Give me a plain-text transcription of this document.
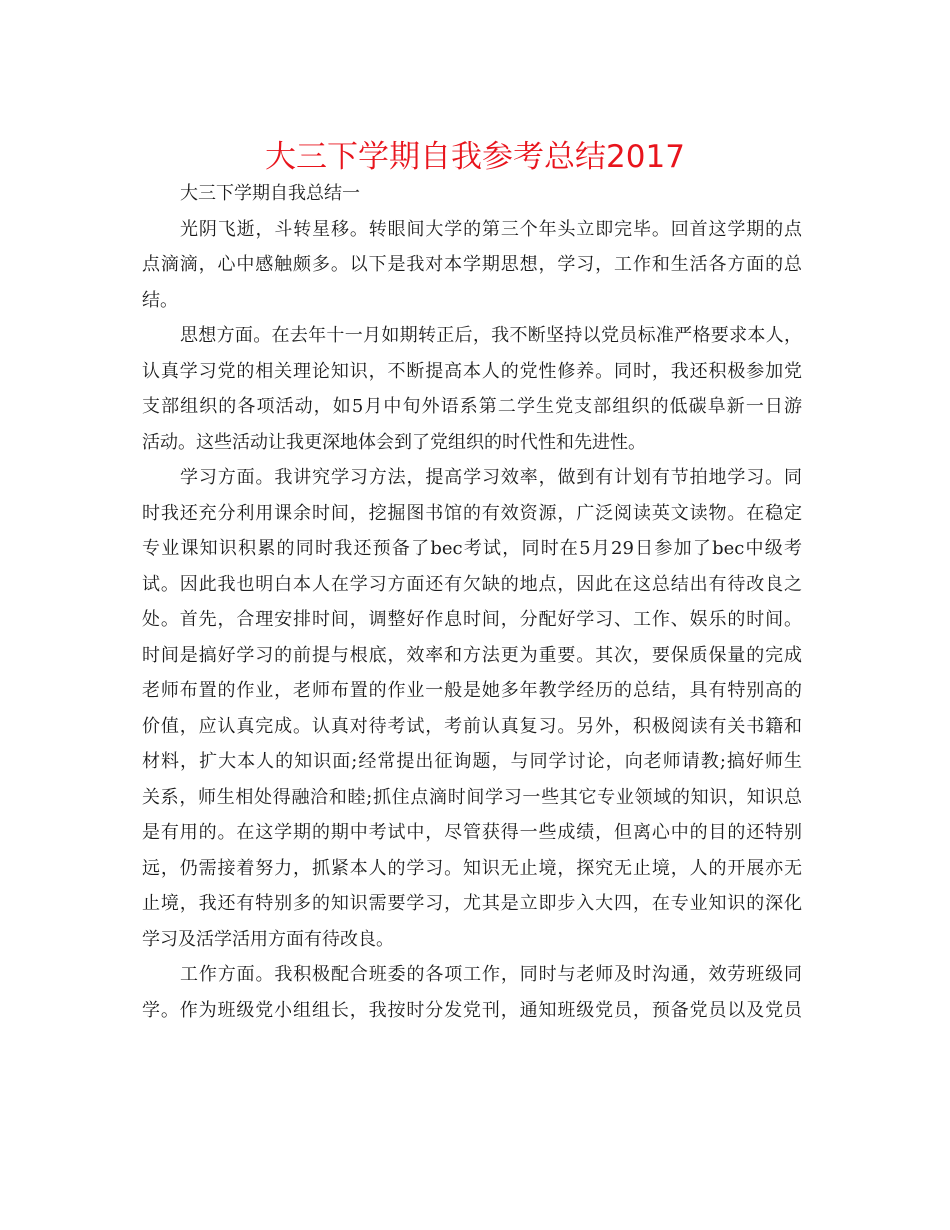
大三下学期自我参考总结2017
大三下学期自我总结一
光阴飞逝，斗转星移。转眼间大学的第三个年头立即完毕。回首这学期的点
点滴滴，心中感触颇多。以下是我对本学期思想，学习，工作和生活各方面的总
结。
思想方面。在去年十一月如期转正后，我不断坚持以党员标准严格要求本人，
认真学习党的相关理论知识，不断提高本人的党性修养。同时，我还积极参加党
支部组织的各项活动，如5月中旬外语系第二学生党支部组织的低碳阜新一日游
活动。这些活动让我更深地体会到了党组织的时代性和先进性。
学习方面。我讲究学习方法，提高学习效率，做到有计划有节拍地学习。同
时我还充分利用课余时间，挖掘图书馆的有效资源，广泛阅读英文读物。在稳定
专业课知识积累的同时我还预备了bec考试，同时在5月29日参加了bec中级考
试。因此我也明白本人在学习方面还有欠缺的地点，因此在这总结出有待改良之
处。首先，合理安排时间，调整好作息时间，分配好学习、工作、娱乐的时间。
时间是搞好学习的前提与根底，效率和方法更为重要。其次，要保质保量的完成
老师布置的作业，老师布置的作业一般是她多年教学经历的总结，具有特别高的
价值，应认真完成。认真对待考试，考前认真复习。另外，积极阅读有关书籍和
材料，扩大本人的知识面;经常提出征询题，与同学讨论，向老师请教;搞好师生
关系，师生相处得融洽和睦;抓住点滴时间学习一些其它专业领域的知识，知识总
是有用的。在这学期的期中考试中，尽管获得一些成绩，但离心中的目的还特别
远，仍需接着努力，抓紧本人的学习。知识无止境，探究无止境，人的开展亦无
止境，我还有特别多的知识需要学习，尤其是立即步入大四，在专业知识的深化
学习及活学活用方面有待改良。
工作方面。我积极配合班委的各项工作，同时与老师及时沟通，效劳班级同
学。作为班级党小组组长，我按时分发党刊，通知班级党员，预备党员以及党员
